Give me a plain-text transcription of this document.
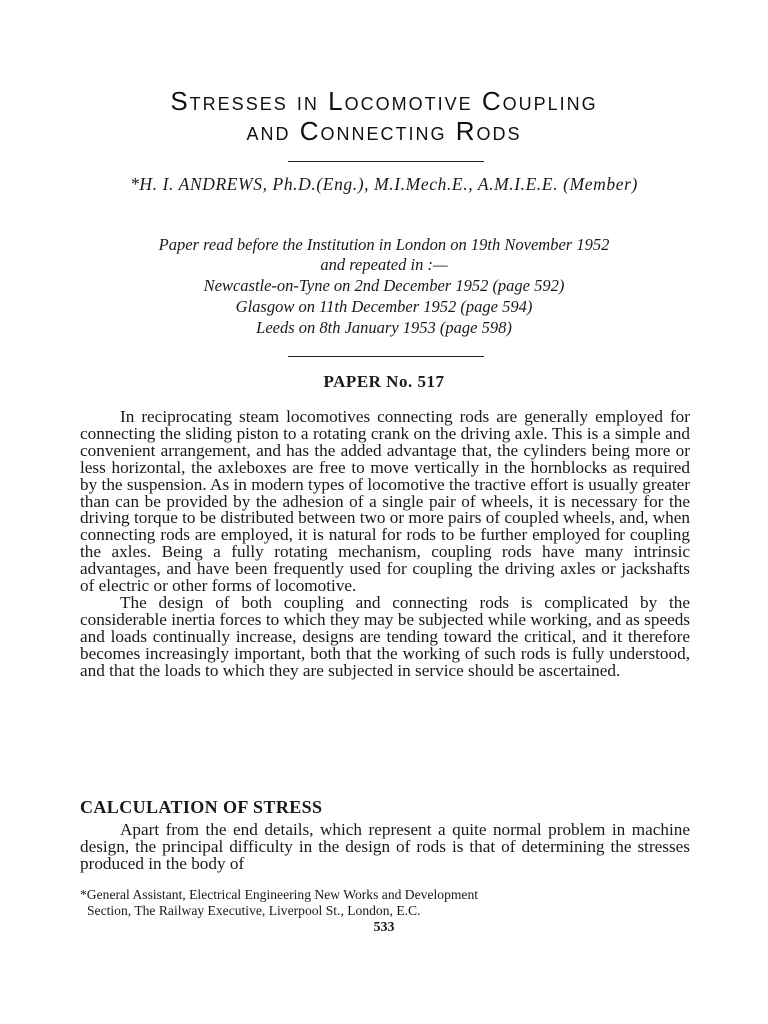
Stresses in Locomotive Coupling
and Connecting Rods
*H. I. ANDREWS, Ph.D.(Eng.), M.I.Mech.E., A.M.I.E.E. (Member)
Paper read before the Institution in London on 19th November 1952
and repeated in :—
Newcastle-on-Tyne on 2nd December 1952 (page 592)
Glasgow on 11th December 1952 (page 594)
Leeds on 8th January 1953 (page 598)
PAPER No. 517

In reciprocating steam locomotives connecting rods are generally employed for connecting the sliding piston to a rotating crank on the driving axle. This is a simple and convenient arrangement, and has the added advantage that, the cylinders being more or less horizontal, the axleboxes are free to move vertically in the hornblocks as required by the suspension. As in modern types of locomotive the tractive effort is usually greater than can be provided by the adhesion of a single pair of wheels, it is necessary for the driving torque to be distributed between two or more pairs of coupled wheels, and, when connecting rods are employed, it is natural for rods to be further employed for coupling the axles. Being a fully rotating mechanism, coupling rods have many intrinsic advantages, and have been frequently used for coupling the driving axles or jackshafts of electric or other forms of locomotive.

The design of both coupling and connecting rods is complicated by the considerable inertia forces to which they may be subjected while working, and as speeds and loads continually increase, designs are tending toward the critical, and it therefore becomes increasingly important, both that the working of such rods is fully understood, and that the loads to which they are subjected in service should be ascertained.

CALCULATION OF STRESS

Apart from the end details, which represent a quite normal problem in machine design, the principal difficulty in the design of rods is that of determining the stresses produced in the body of

*General Assistant, Electrical Engineering New Works and Development
Section, The Railway Executive, Liverpool St., London, E.C.
533
